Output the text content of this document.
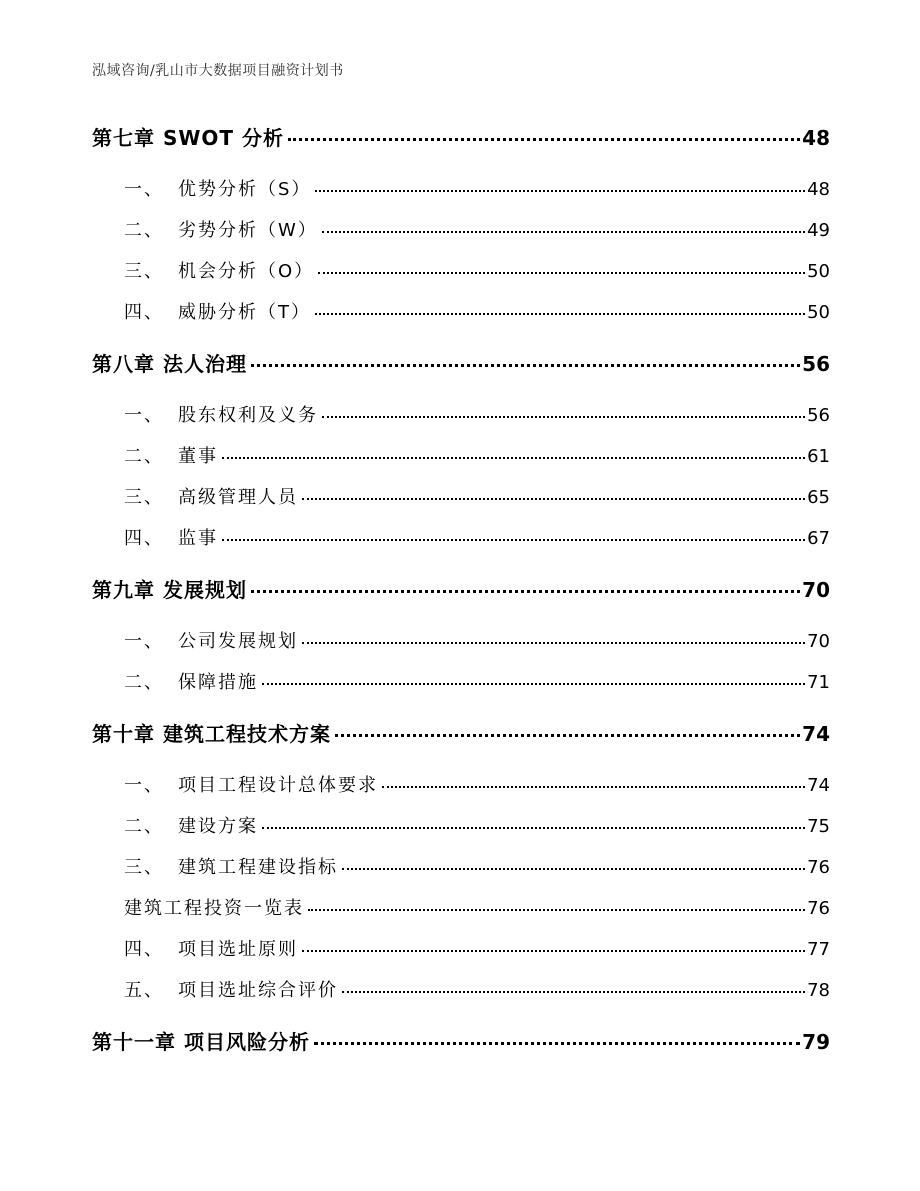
泓域咨询/乳山市大数据项目融资计划书
第七章 SWOT 分析	48
一、 优势分析（S）	48
二、 劣势分析（W）	49
三、 机会分析（O）	50
四、 威胁分析（T）	50
第八章 法人治理	56
一、 股东权利及义务	56
二、 董事	61
三、 高级管理人员	65
四、 监事	67
第九章 发展规划	70
一、 公司发展规划	70
二、 保障措施	71
第十章 建筑工程技术方案	74
一、 项目工程设计总体要求	74
二、 建设方案	75
三、 建筑工程建设指标	76
建筑工程投资一览表	76
四、 项目选址原则	77
五、 项目选址综合评价	78
第十一章 项目风险分析	79
